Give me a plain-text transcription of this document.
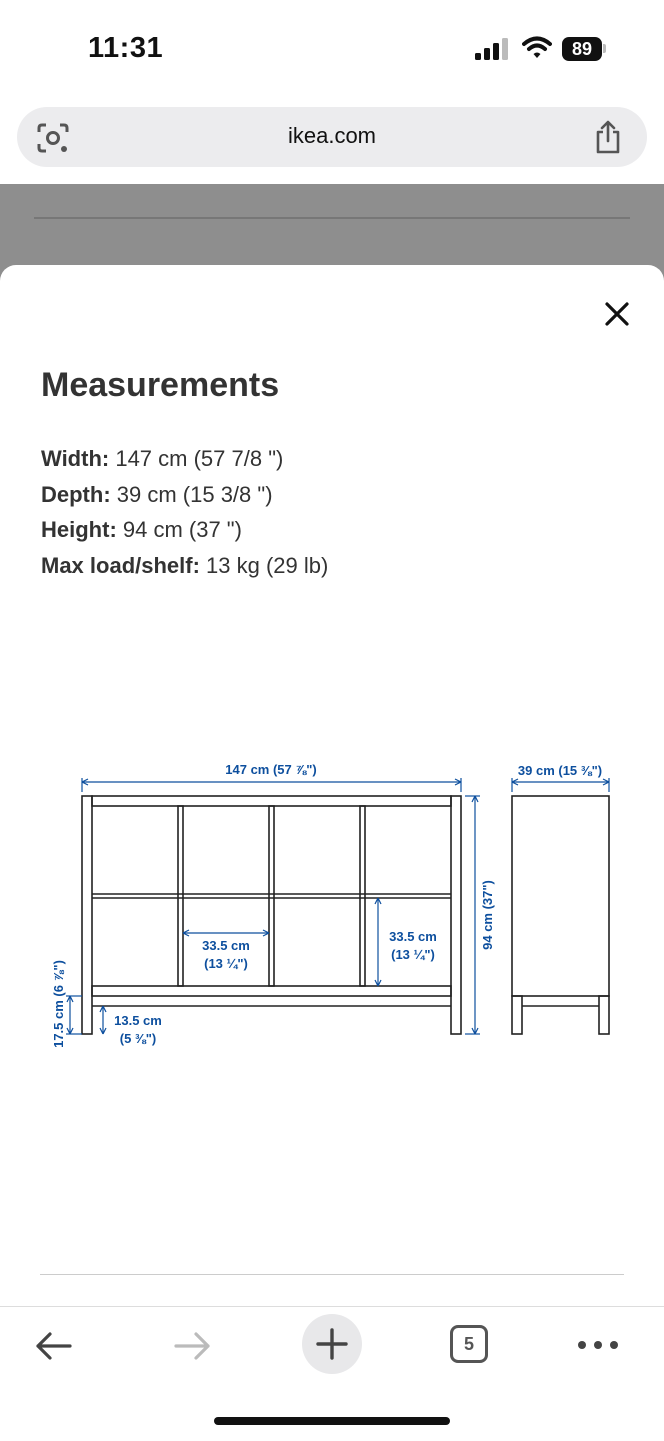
11:31	89
ikea.com
Measurements
Width: 147 cm (57 7/8 ")
Depth: 39 cm (15 3/8 ")
Height: 94 cm (37 ")
Max load/shelf: 13 kg (29 lb)
147 cm (57 ⅞")	39 cm (15 ⅜")
33.5 cm
(13 ¼")
33.5 cm
(13 ¼")
13.5 cm
(5 ⅜")
94 cm (37")
17.5 cm (6 ⅞")
5
